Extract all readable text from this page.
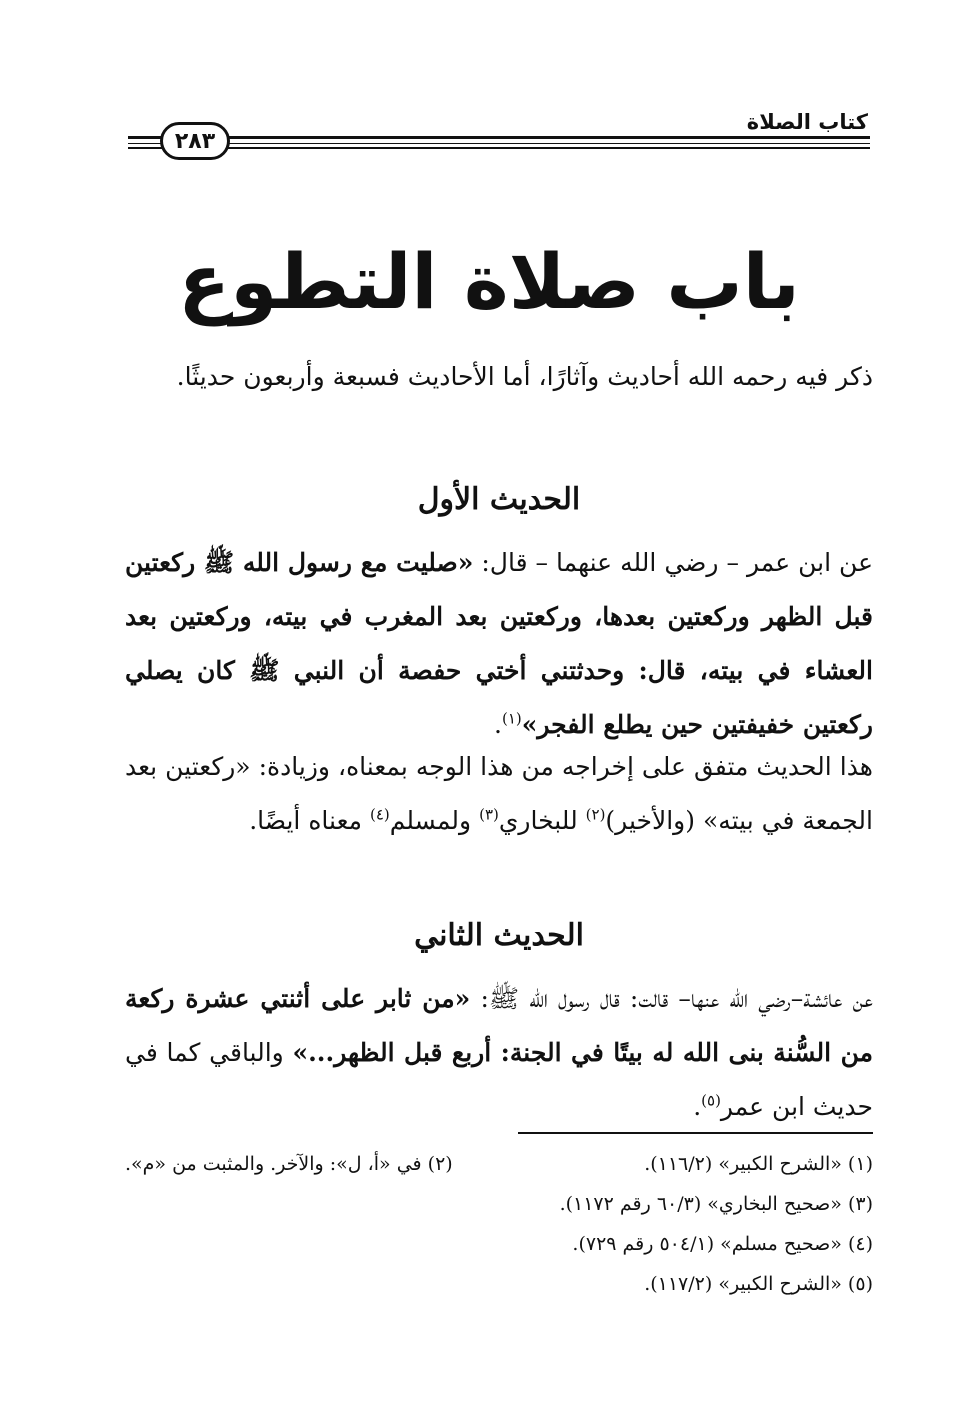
كتاب الصلاة
٢٨٣
باب صلاة التطوع
ذكر فيه رحمه الله أحاديث وآثارًا، أما الأحاديث فسبعة وأربعون حديثًا.
الحديث الأول
عن ابن عمر – رضي الله عنهما – قال: «صليت مع رسول الله ﷺ ركعتين قبل الظهر وركعتين بعدها، وركعتين بعد المغرب في بيته، وركعتين بعد العشاء في بيته، قال: وحدثتني أختي حفصة أن النبي ﷺ كان يصلي ركعتين خفيفتين حين يطلع الفجر»$^{(١)}$.
هذا الحديث متفق على إخراجه من هذا الوجه بمعناه، وزيادة: «ركعتين بعد الجمعة في بيته» (والأخير)$^{(٢)}$ للبخاري$^{(٣)}$ ولمسلم$^{(٤)}$ معناه أيضًا.
الحديث الثاني
عن عائشة–رضي الله عنها– قالت: قال رسول الله ﷺ: «من ثابر على أثنتي عشرة ركعة من السُّنة بنى الله له بيتًا في الجنة: أربع قبل الظهر...» والباقي كما في حديث ابن عمر$^{(٥)}$.
(١) «الشرح الكبير» (١١٦/٢).
(٢) في «أ، ل»: والآخر. والمثبت من «م».
(٣) «صحيح البخاري» (٦٠/٣ رقم ١١٧٢).
(٤) «صحيح مسلم» (٥٠٤/١ رقم ٧٢٩).
(٥) «الشرح الكبير» (١١٧/٢).
